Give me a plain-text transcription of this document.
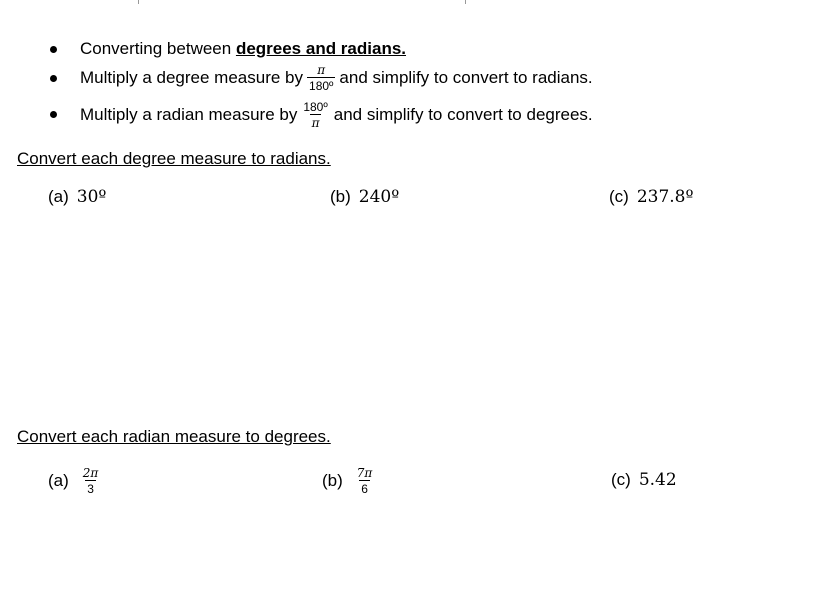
Converting between degrees and radians.
Multiply a degree measure by $\frac{\pi}{\text{180º}}$ and simplify to convert to radians.
Multiply a radian measure by $\frac{\text{180º}}{\pi}$ and simplify to convert to degrees.
Convert each degree measure to radians.
(a) 30º	(b) 240º	(c) 237.8º
Convert each radian measure to degrees.
$(a) \frac{2\pi}{3}$	$(b) \frac{7\pi}{6}$	(c) 5.42
